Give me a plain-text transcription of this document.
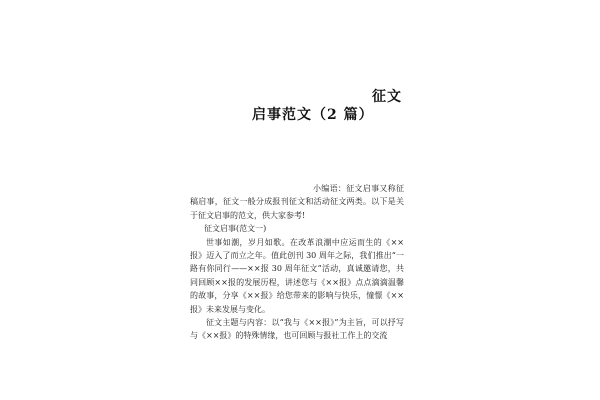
征文
启事范文（2 篇）

小编语：征文启事又称征稿启事，征文一般分成报刊征文和活动征文两类。以下是关于征文启事的范文，供大家参考!

征文启事(范文一)

世事如潮，岁月如歌。在改革浪潮中应运而生的《××报》迈入了而立之年。值此创刊 30 周年之际，我们推出“一路有你同行——××报 30 周年征文”活动，真诚邀请您，共同回顾××报的发展历程，讲述您与《××报》点点滴滴温馨的故事，分享《××报》给您带来的影响与快乐，憧憬《××报》未来发展与变化。

征文主题与内容：以“我与《××报》”为主旨，可以抒写与《××报》的特殊情缘，也可回顾与报社工作上的交流
